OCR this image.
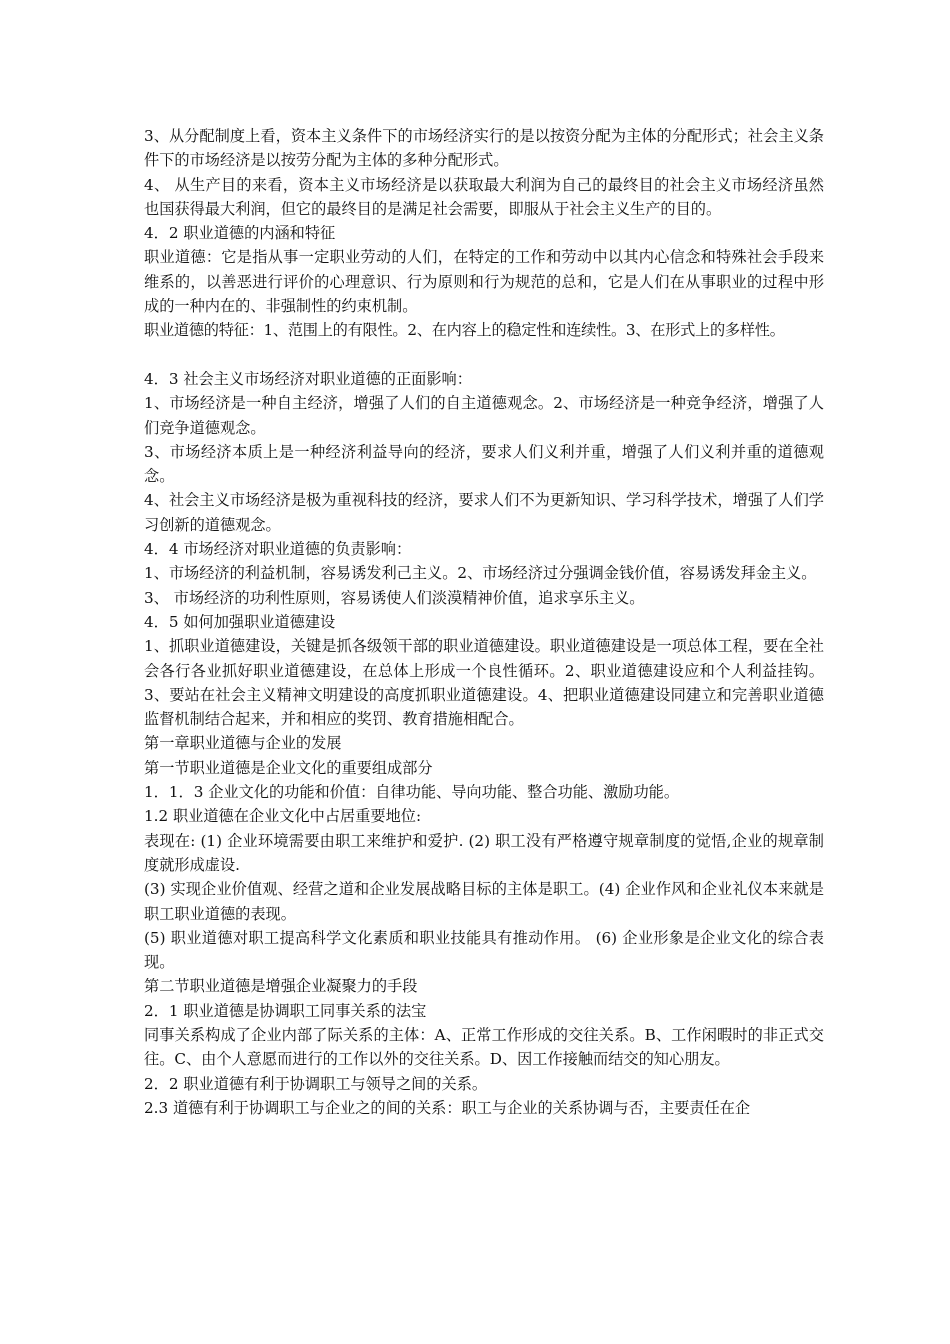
3、从分配制度上看，资本主义条件下的市场经济实行的是以按资分配为主体的分配形式；社会主义条件下的市场经济是以按劳分配为主体的多种分配形式。

4、 从生产目的来看，资本主义市场经济是以获取最大利润为自己的最终目的社会主义市场经济虽然也国获得最大利润，但它的最终目的是满足社会需要，即服从于社会主义生产的目的。

4．2 职业道德的内涵和特征

职业道德：它是指从事一定职业劳动的人们，在特定的工作和劳动中以其内心信念和特殊社会手段来维系的，以善恶进行评价的心理意识、行为原则和行为规范的总和，它是人们在从事职业的过程中形成的一种内在的、非强制性的约束机制。

职业道德的特征：1、范围上的有限性。2、在内容上的稳定性和连续性。3、在形式上的多样性。

4．3 社会主义市场经济对职业道德的正面影响：

1、市场经济是一种自主经济，增强了人们的自主道德观念。2、市场经济是一种竞争经济，增强了人们竞争道德观念。

3、市场经济本质上是一种经济利益导向的经济，要求人们义利并重，增强了人们义利并重的道德观念。

4、社会主义市场经济是极为重视科技的经济，要求人们不为更新知识、学习科学技术，增强了人们学习创新的道德观念。

4．4 市场经济对职业道德的负责影响：

1、市场经济的利益机制，容易诱发利己主义。2、市场经济过分强调金钱价值，容易诱发拜金主义。

3、 市场经济的功利性原则，容易诱使人们淡漠精神价值，追求享乐主义。

4．5 如何加强职业道德建设

1、抓职业道德建设，关键是抓各级领干部的职业道德建设。职业道德建设是一项总体工程，要在全社会各行各业抓好职业道德建设，在总体上形成一个良性循环。2、职业道德建设应和个人利益挂钩。3、要站在社会主义精神文明建设的高度抓职业道德建设。4、把职业道德建设同建立和完善职业道德监督机制结合起来，并和相应的奖罚、教育措施相配合。

第一章职业道德与企业的发展

第一节职业道德是企业文化的重要组成部分

1．1．3 企业文化的功能和价值：自律功能、导向功能、整合功能、激励功能。

1.2 职业道德在企业文化中占居重要地位:

表现在: (1) 企业环境需要由职工来维护和爱护. (2) 职工没有严格遵守规章制度的觉悟,企业的规章制度就形成虚设.

(3) 实现企业价值观、经营之道和企业发展战略目标的主体是职工。(4) 企业作风和企业礼仪本来就是职工职业道德的表现。

(5) 职业道德对职工提高科学文化素质和职业技能具有推动作用。 (6) 企业形象是企业文化的综合表现。

第二节职业道德是增强企业凝聚力的手段

2．1 职业道德是协调职工同事关系的法宝

同事关系构成了企业内部了际关系的主体：A、正常工作形成的交往关系。B、工作闲暇时的非正式交往。C、由个人意愿而进行的工作以外的交往关系。D、因工作接触而结交的知心朋友。

2．2 职业道德有利于协调职工与领导之间的关系。

2.3 道德有利于协调职工与企业之的间的关系：职工与企业的关系协调与否，主要责任在企
